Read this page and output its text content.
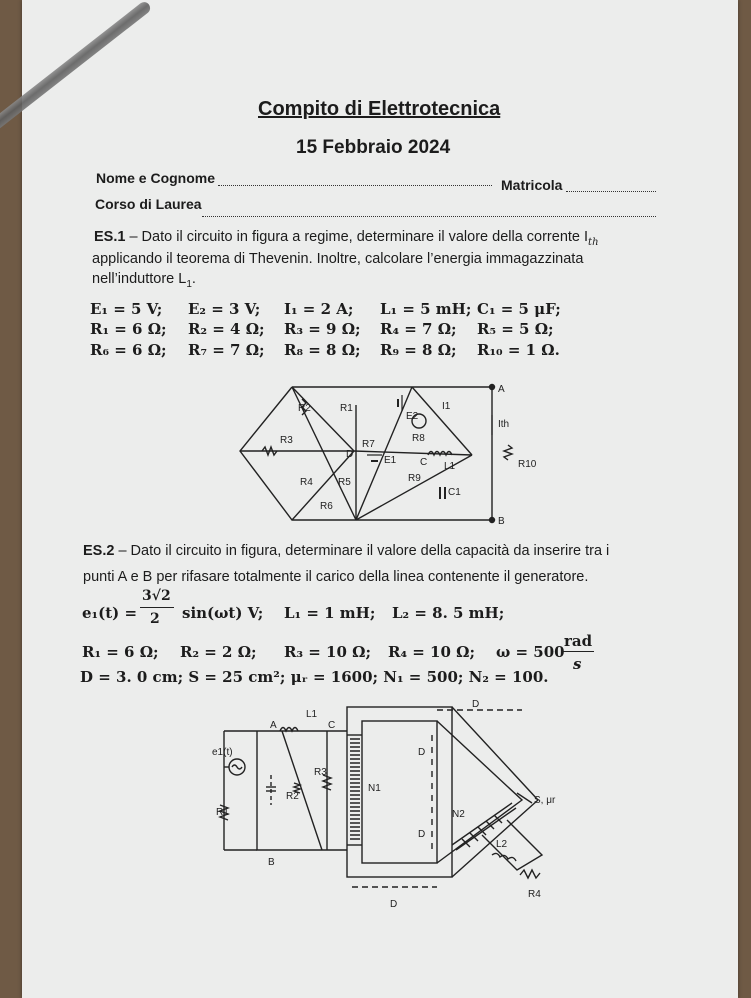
Compito di Elettrotecnica
15 Febbraio 2024
Nome e Cognome	Matricola
Corso di Laurea
ES.1 – Dato il circuito in figura a regime, determinare il valore della corrente $I_{th}$
applicando il teorema di Thevenin. Inoltre, calcolare l’energia immagazzinata
nell’induttore $L_1$.
E₁ = 5 V; E₂ = 3 V; I₁ = 2 A; L₁ = 5 mH; C₁ = 5 μF;
R₁ = 6 Ω; R₂ = 4 Ω; R₃ = 9 Ω; R₄ = 7 Ω; R₅ = 5 Ω;
R₆ = 6 Ω; R₇ = 7 Ω; R₈ = 8 Ω; R₉ = 8 Ω; R₁₀ = 1 Ω.
A
B
C
D
R1
R2
R3
R4	R5
R6
R7
R8
R9
R10
E1
E2
I1
L1
C1
Ith
ES.2 – Dato il circuito in figura, determinare il valore della capacità da inserire tra i
punti A e B per rifasare totalmente il carico della linea contenente il generatore.
e₁(t) =
3√2
2 sin(ωt) V; L₁ = 1 mH; L₂ = 8. 5 mH;
R₁ = 6 Ω; R₂ = 2 Ω; R₃ = 10 Ω; R₄ = 10 Ω; ω = 500
rad
s
D = 3. 0 cm; S = 25 cm²; μᵣ = 1600; N₁ = 500; N₂ = 100.
A
B
C
D
D
D
D
L1
L2
R1
R2
R3
R4
e1(t)
N1
N2
S, μr
